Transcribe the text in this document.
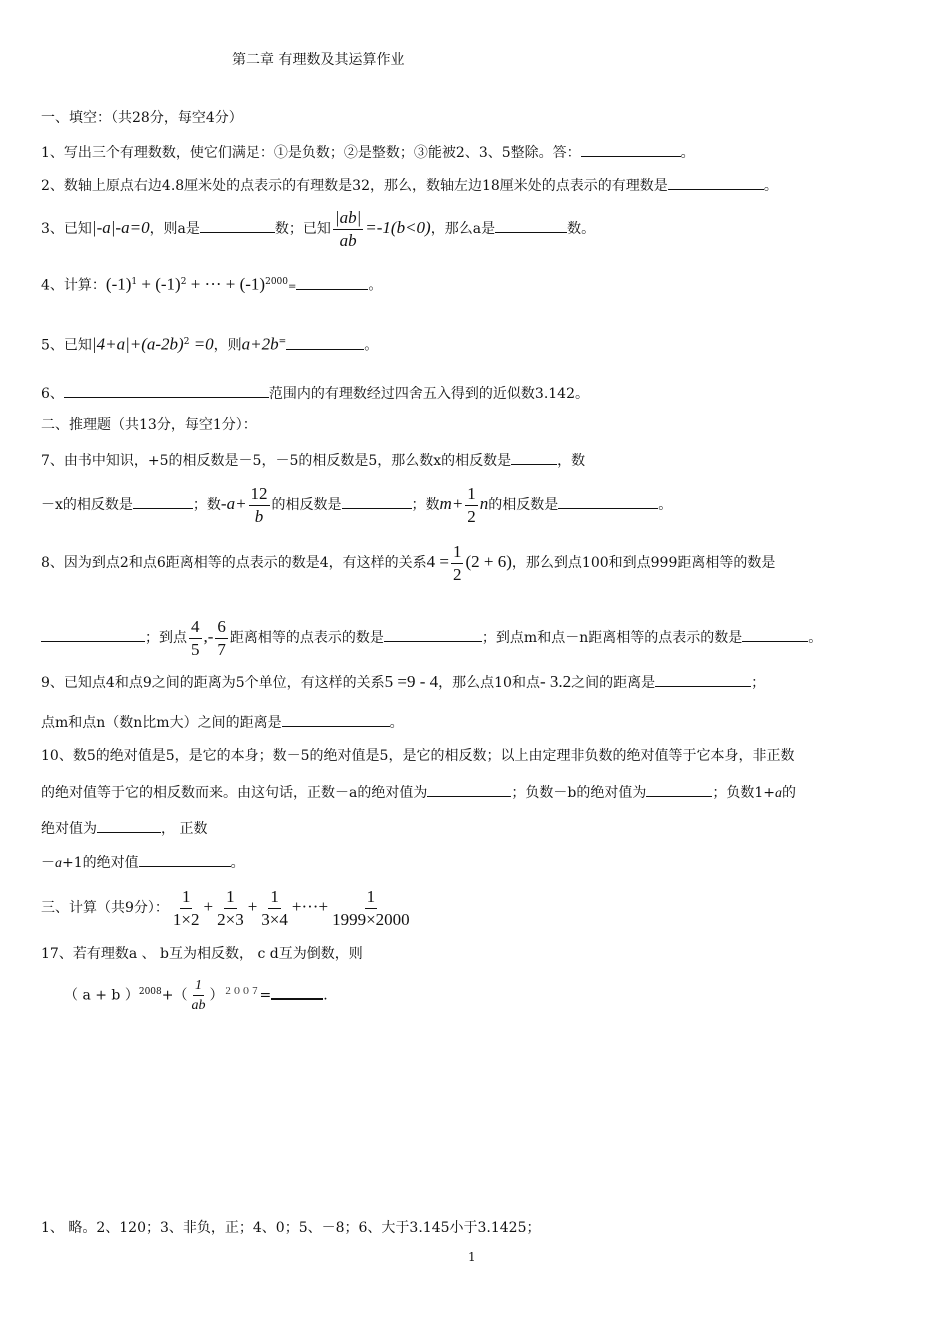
第二章 有理数及其运算作业
一、填空：（共28分，每空4分）
1、写出三个有理数数，使它们满足：①是负数；②是整数；③能被2、3、5整除。答：	。
2、数轴上原点右边4.8厘米处的点表示的有理数是32，那么，数轴左边18厘米处的点表示的有理数是	。
3、已知|-a|-a=0，则a是	数；已知 $\frac{|ab|}{ab} =-1(b<0)$，那么a是	数。
4、计算：$(-1)^1 + (-1)^2$ + ··· + $(-1)^{2000}=$	。
5、已知$|4+a|+(a-2b)^2 =0$，则a+2b=	。
6、	范围内的有理数经过四舍五入得到的近似数3.142。
二、推理题（共13分，每空1分）：
7、由书中知识，+5的相反数是－5，－5的相反数是5，那么数x的相反数是	，数
－x的相反数是	；数$-a+ \frac{12}{b}$ 的相反数是	；数$m+ \frac{1}{2}$ n的相反数是	。
8、因为到点2和点6距离相等的点表示的数是4，有这样的关系$4 = \frac{1}{2} (2 + 6)$，那么到点100和到点999距离相等的数是
；到点 $\frac{4}{5}$ ,- $\frac{6}{7}$ 距离相等的点表示的数是	；到点m和点－n距离相等的点表示的数是	。
9、已知点4和点9之间的距离为5个单位，有这样的关系5 =9 - 4，那么点10和点- 3.2之间的距离是	；
点m和点n（数n比m大）之间的距离是	。
10、数5的绝对值是5，是它的本身；数－5的绝对值是5，是它的相反数；以上由定理非负数的绝对值等于它本身，非正数
的绝对值等于它的相反数而来。由这句话，正数－a的绝对值为	；负数－b的绝对值为	；负数1+a的
绝对值为	， 正数
－a+1的绝对值	。
三、计算（共9分）： $\frac{1}{1\times 2} + \frac{1}{2\times 3} + \frac{1}{3\times 4}$ +···+ $\frac{1}{1999\times 2000}$
17、若有理数a 、 b互为相反数， c d互为倒数，则
（ a + b ）$^{2008}+( \frac{1}{ab} )^{2007}=$	.
1、 略。2、120；3、非负，正；4、0；5、－8；6、大于3.145小于3.1425；
1
